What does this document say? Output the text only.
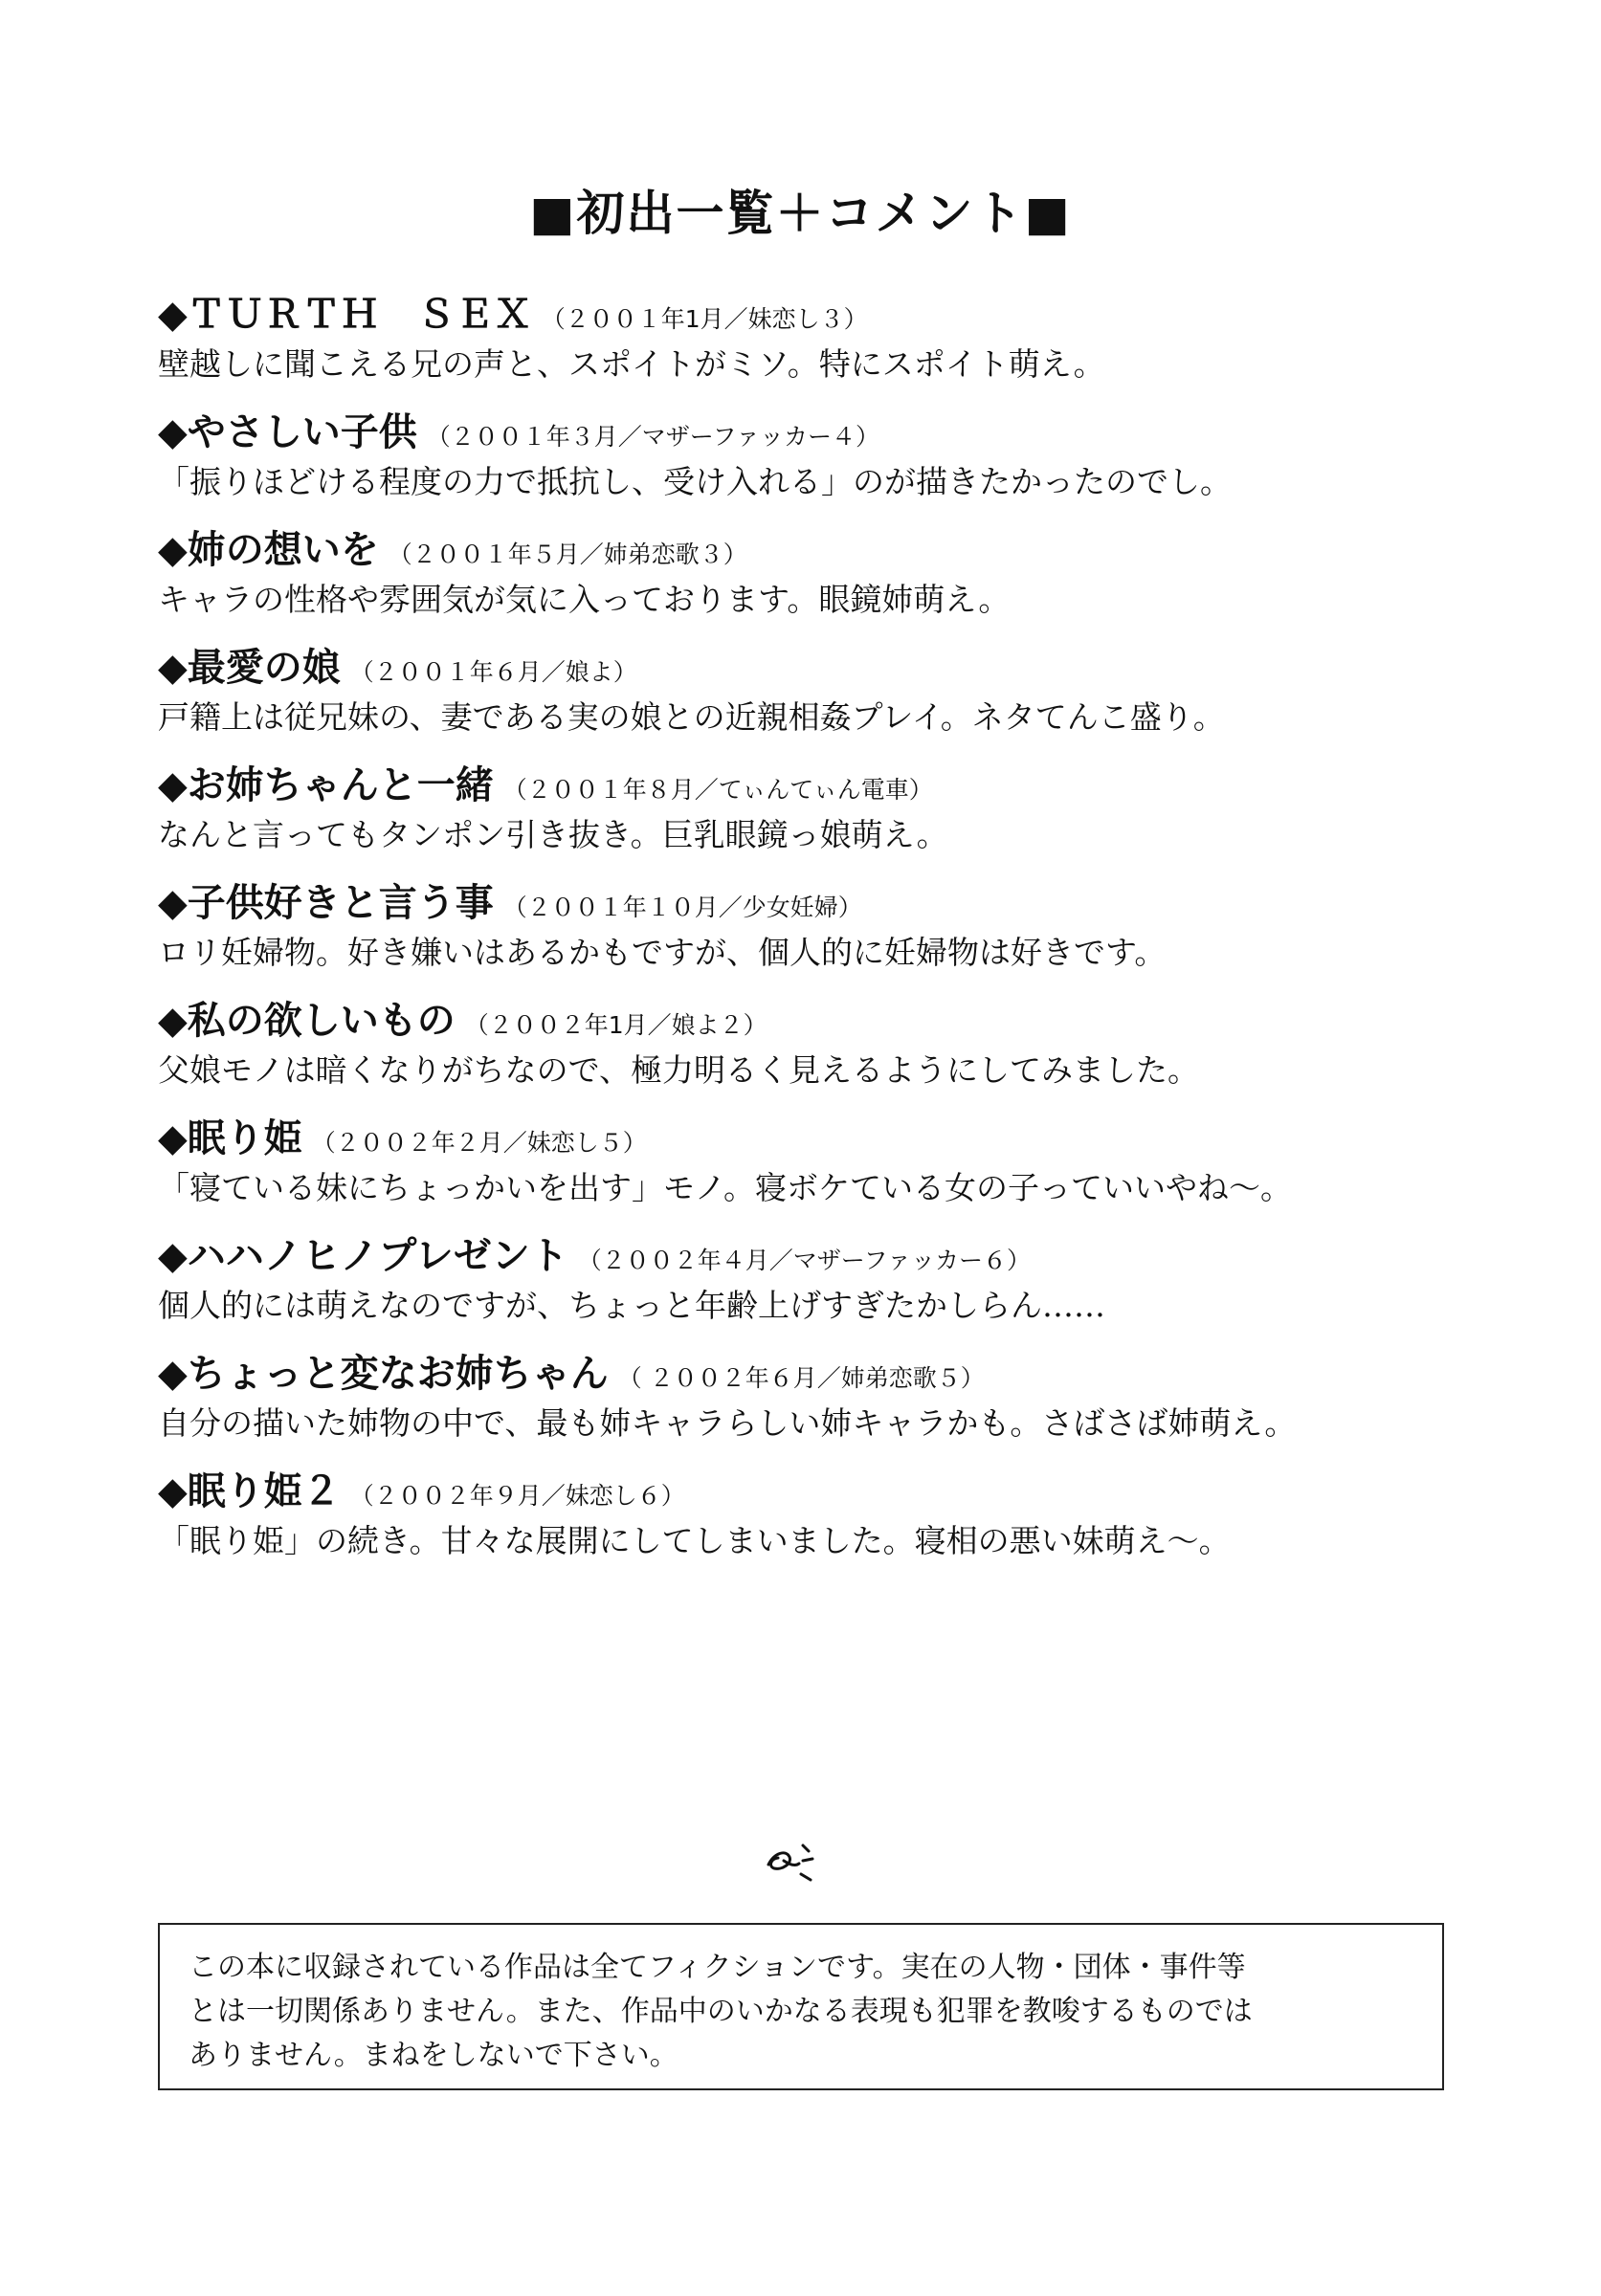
■初出一覧＋コメント■
◆ＴＵＲＴＨ　ＳＥＸ （２００１年1月／妹恋し３）
壁越しに聞こえる兄の声と、スポイトがミソ。特にスポイト萌え。
◆やさしい子供 （２００１年３月／マザーファッカー４）
「振りほどける程度の力で抵抗し、受け入れる」のが描きたかったのでし。
◆姉の想いを （２００１年５月／姉弟恋歌３）
キャラの性格や雰囲気が気に入っております。眼鏡姉萌え。
◆最愛の娘 （２００１年６月／娘よ）
戸籍上は従兄妹の、妻である実の娘との近親相姦プレイ。ネタてんこ盛り。
◆お姉ちゃんと一緒 （２００１年８月／てぃんてぃん電車）
なんと言ってもタンポン引き抜き。巨乳眼鏡っ娘萌え。
◆子供好きと言う事 （２００１年１０月／少女妊婦）
ロリ妊婦物。好き嫌いはあるかもですが、個人的に妊婦物は好きです。
◆私の欲しいもの （２００２年1月／娘よ２）
父娘モノは暗くなりがちなので、極力明るく見えるようにしてみました。
◆眠り姫 （２００２年２月／妹恋し５）
「寝ている妹にちょっかいを出す」モノ。寝ボケている女の子っていいやね～。
◆ハハノヒノプレゼント （２００２年４月／マザーファッカー６）
個人的には萌えなのですが、ちょっと年齢上げすぎたかしらん……
◆ちょっと変なお姉ちゃん （ ２００２年６月／姉弟恋歌５）
自分の描いた姉物の中で、最も姉キャラらしい姉キャラかも。さばさば姉萌え。
◆眠り姫２ （２００２年９月／妹恋し６）
「眠り姫」の続き。甘々な展開にしてしまいました。寝相の悪い妹萌え～。

この本に収録されている作品は全てフィクションです。実在の人物・団体・事件等

とは一切関係ありません。また、作品中のいかなる表現も犯罪を教唆するものでは

ありません。まねをしないで下さい。
